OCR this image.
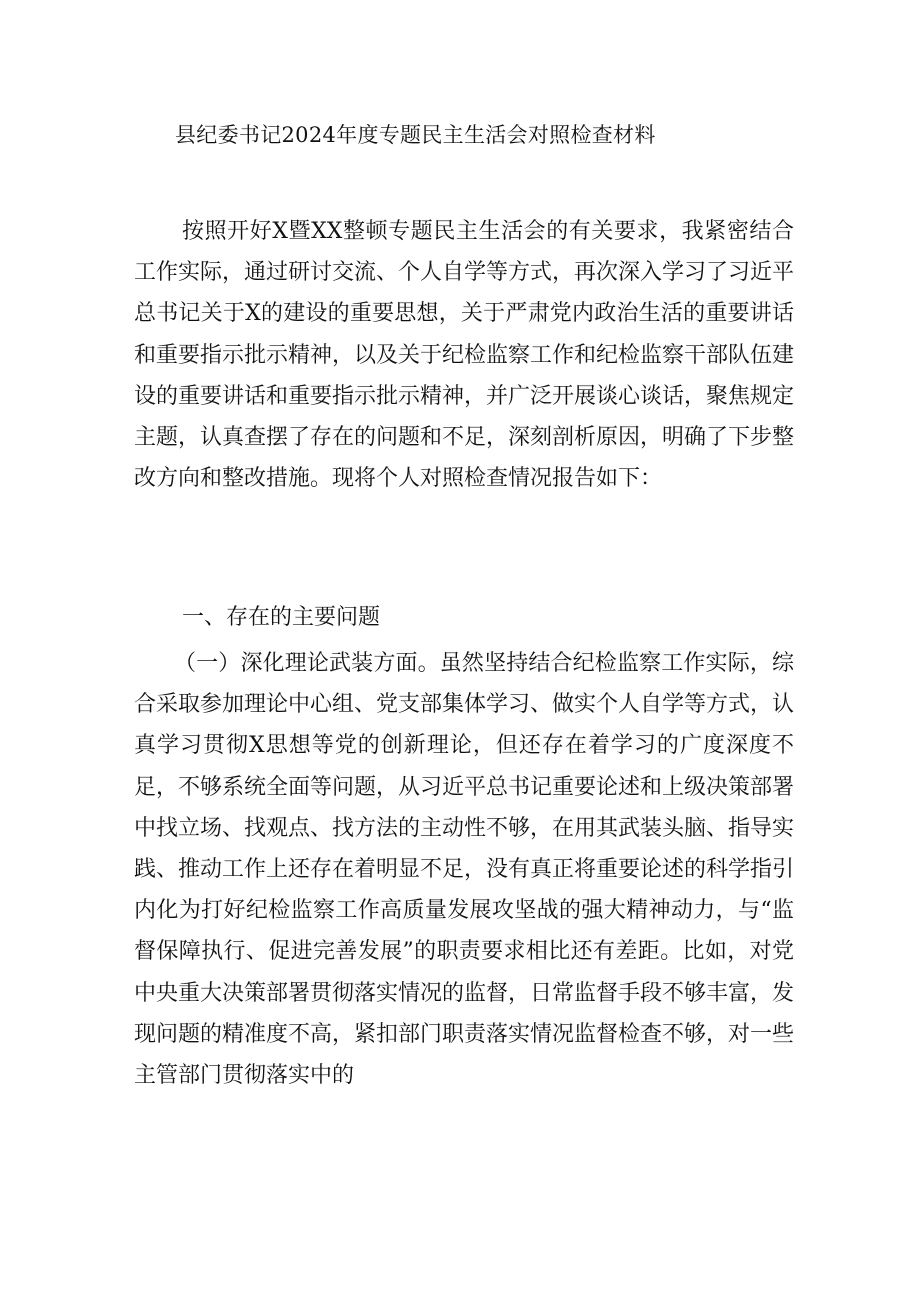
县纪委书记2024年度专题民主生活会对照检查材料

按照开好X暨XX整顿专题民主生活会的有关要求，我紧密结合工作实际，通过研讨交流、个人自学等方式，再次深入学习了习近平总书记关于X的建设的重要思想，关于严肃党内政治生活的重要讲话和重要指示批示精神，以及关于纪检监察工作和纪检监察干部队伍建设的重要讲话和重要指示批示精神，并广泛开展谈心谈话，聚焦规定主题，认真查摆了存在的问题和不足，深刻剖析原因，明确了下步整改方向和整改措施。现将个人对照检查情况报告如下：

一、存在的主要问题

（一）深化理论武装方面。虽然坚持结合纪检监察工作实际，综合采取参加理论中心组、党支部集体学习、做实个人自学等方式，认真学习贯彻X思想等党的创新理论，但还存在着学习的广度深度不足，不够系统全面等问题，从习近平总书记重要论述和上级决策部署中找立场、找观点、找方法的主动性不够，在用其武装头脑、指导实践、推动工作上还存在着明显不足，没有真正将重要论述的科学指引内化为打好纪检监察工作高质量发展攻坚战的强大精神动力，与“监督保障执行、促进完善发展”的职责要求相比还有差距。比如，对党中央重大决策部署贯彻落实情况的监督，日常监督手段不够丰富，发现问题的精准度不高，紧扣部门职责落实情况监督检查不够，对一些主管部门贯彻落实中的
